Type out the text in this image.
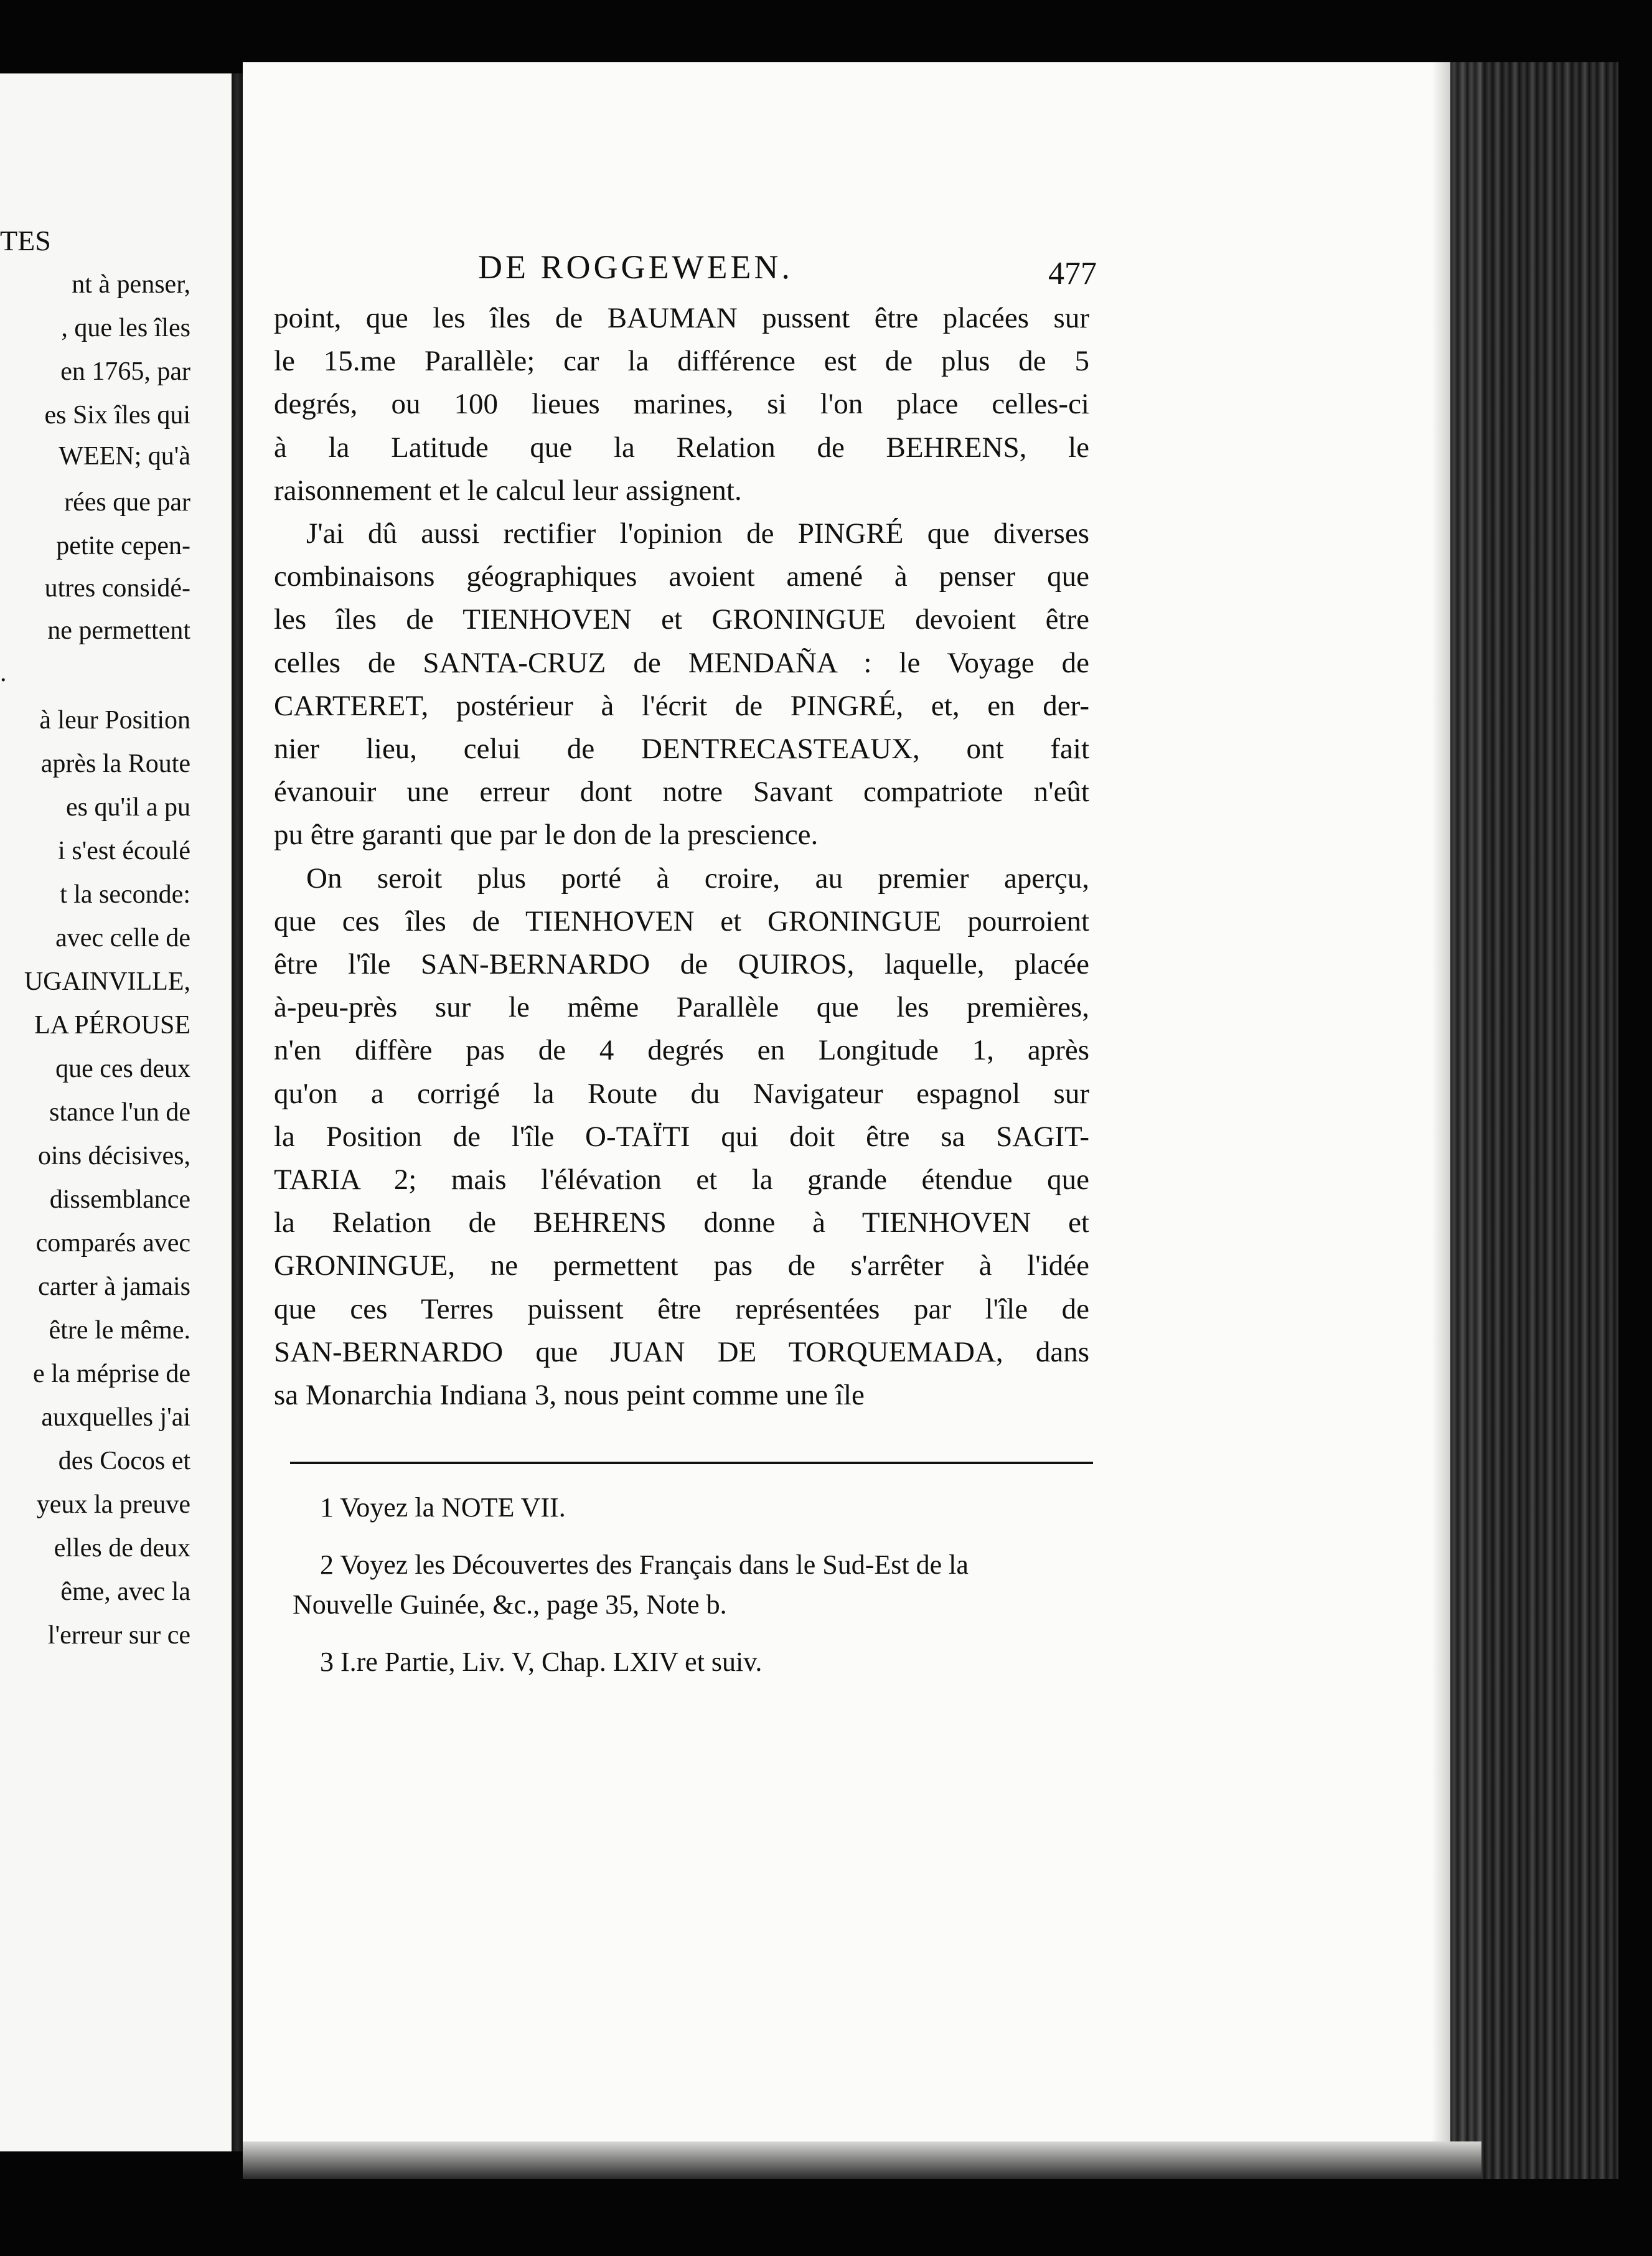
TES
nt à penser,
, que les îles
en 1765, par
es Six îles qui
WEEN; qu'à
rées que par
petite cepen-
utres considé-
ne permettent
.
à leur Position
après la Route
es qu'il a pu
i s'est écoulé
t la seconde:
avec celle de
UGAINVILLE,
LA PÉROUSE
que ces deux
stance l'un de
oins décisives,
dissemblance
comparés avec
carter à jamais
être le même.
e la méprise de
auxquelles j'ai
des Cocos et
yeux la preuve
elles de deux
ême, avec la
l'erreur sur ce
DE ROGGEWEEN.	477
point, que les îles de BAUMAN pussent être placées sur
le 15.me Parallèle; car la différence est de plus de 5
degrés, ou 100 lieues marines, si l'on place celles-ci
à la Latitude que la Relation de BEHRENS, le
raisonnement et le calcul leur assignent.
J'ai dû aussi rectifier l'opinion de PINGRÉ que diverses
combinaisons géographiques avoient amené à penser que
les îles de TIENHOVEN et GRONINGUE devoient être
celles de SANTA-CRUZ de MENDAÑA : le Voyage de
CARTERET, postérieur à l'écrit de PINGRÉ, et, en der-
nier lieu, celui de DENTRECASTEAUX, ont fait
évanouir une erreur dont notre Savant compatriote n'eût
pu être garanti que par le don de la prescience.
On seroit plus porté à croire, au premier aperçu,
que ces îles de TIENHOVEN et GRONINGUE pourroient
être l'île SAN-BERNARDO de QUIROS, laquelle, placée
à-peu-près sur le même Parallèle que les premières,
n'en diffère pas de 4 degrés en Longitude 1, après
qu'on a corrigé la Route du Navigateur espagnol sur
la Position de l'île O-TAÏTI qui doit être sa SAGIT-
TARIA 2; mais l'élévation et la grande étendue que
la Relation de BEHRENS donne à TIENHOVEN et
GRONINGUE, ne permettent pas de s'arrêter à l'idée
que ces Terres puissent être représentées par l'île de
SAN-BERNARDO que JUAN DE TORQUEMADA, dans
sa Monarchia Indiana 3, nous peint comme une île
1 Voyez la NOTE VII.
2 Voyez les Découvertes des Français dans le Sud-Est de la
Nouvelle Guinée, &c., page 35, Note b.
3 I.re Partie, Liv. V, Chap. LXIV et suiv.
